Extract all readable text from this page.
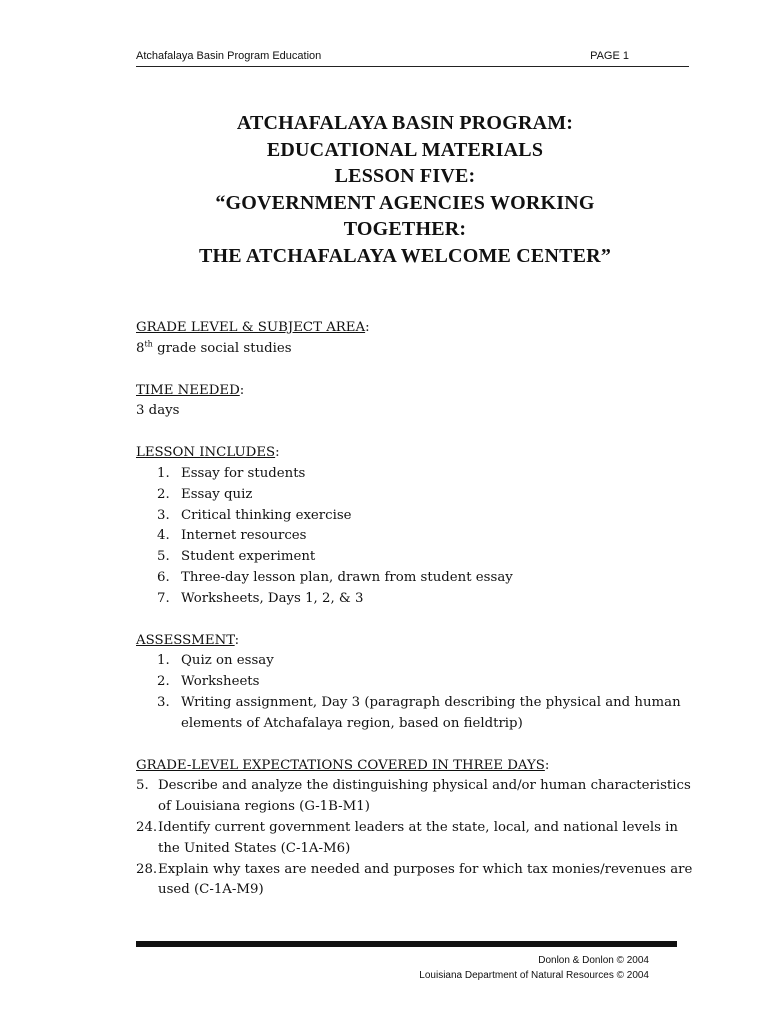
Atchafalaya Basin Program Education	PAGE 1
ATCHAFALAYA BASIN PROGRAM:
EDUCATIONAL MATERIALS
LESSON FIVE:
“GOVERNMENT AGENCIES WORKING
TOGETHER:
THE ATCHAFALAYA WELCOME CENTER”
GRADE LEVEL & SUBJECT AREA:
8th grade social studies
TIME NEEDED:
3 days
LESSON INCLUDES:
1. Essay for students
2. Essay quiz
3. Critical thinking exercise
4. Internet resources
5. Student experiment
6. Three-day lesson plan, drawn from student essay
7. Worksheets, Days 1, 2, & 3
ASSESSMENT:
1. Quiz on essay
2. Worksheets
3. Writing assignment, Day 3 (paragraph describing the physical and human elements of Atchafalaya region, based on fieldtrip)
GRADE-LEVEL EXPECTATIONS COVERED IN THREE DAYS:
5. Describe and analyze the distinguishing physical and/or human characteristics of Louisiana regions (G-1B-M1)
24. Identify current government leaders at the state, local, and national levels in the United States (C-1A-M6)
28. Explain why taxes are needed and purposes for which tax monies/revenues are used (C-1A-M9)
Donlon & Donlon © 2004
Louisiana Department of Natural Resources © 2004
